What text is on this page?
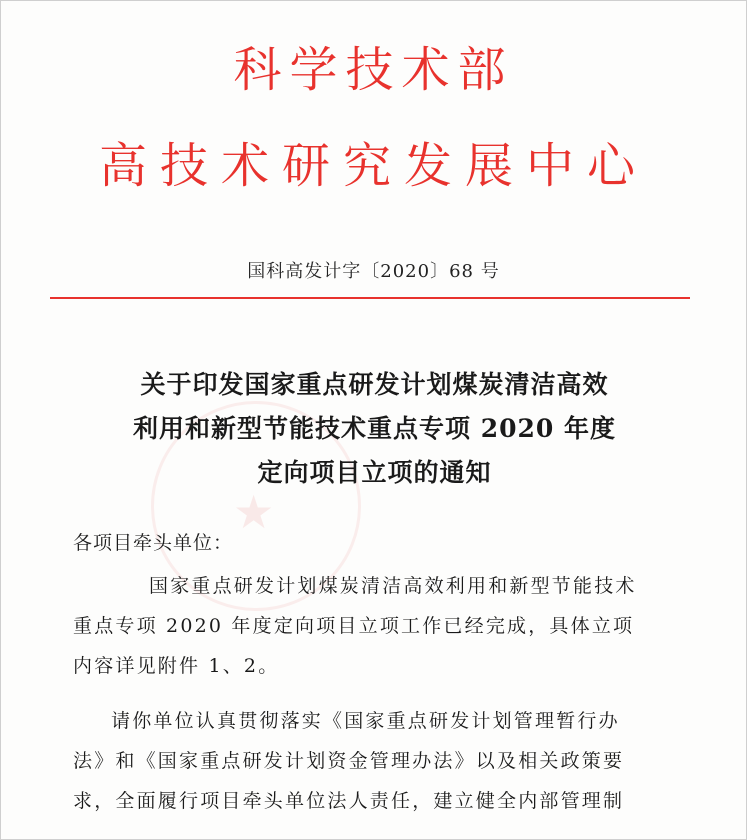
★
科学技术部
高技术研究发展中心
国科高发计字〔2020〕68 号
关于印发国家重点研发计划煤炭清洁高效
利用和新型节能技术重点专项 2020 年度
定向项目立项的通知
各项目牵头单位：
国家重点研发计划煤炭清洁高效利用和新型节能技术
重点专项 2020 年度定向项目立项工作已经完成，具体立项
内容详见附件 1、2。
请你单位认真贯彻落实《国家重点研发计划管理暂行办
法》和《国家重点研发计划资金管理办法》以及相关政策要
求，全面履行项目牵头单位法人责任，建立健全内部管理制
